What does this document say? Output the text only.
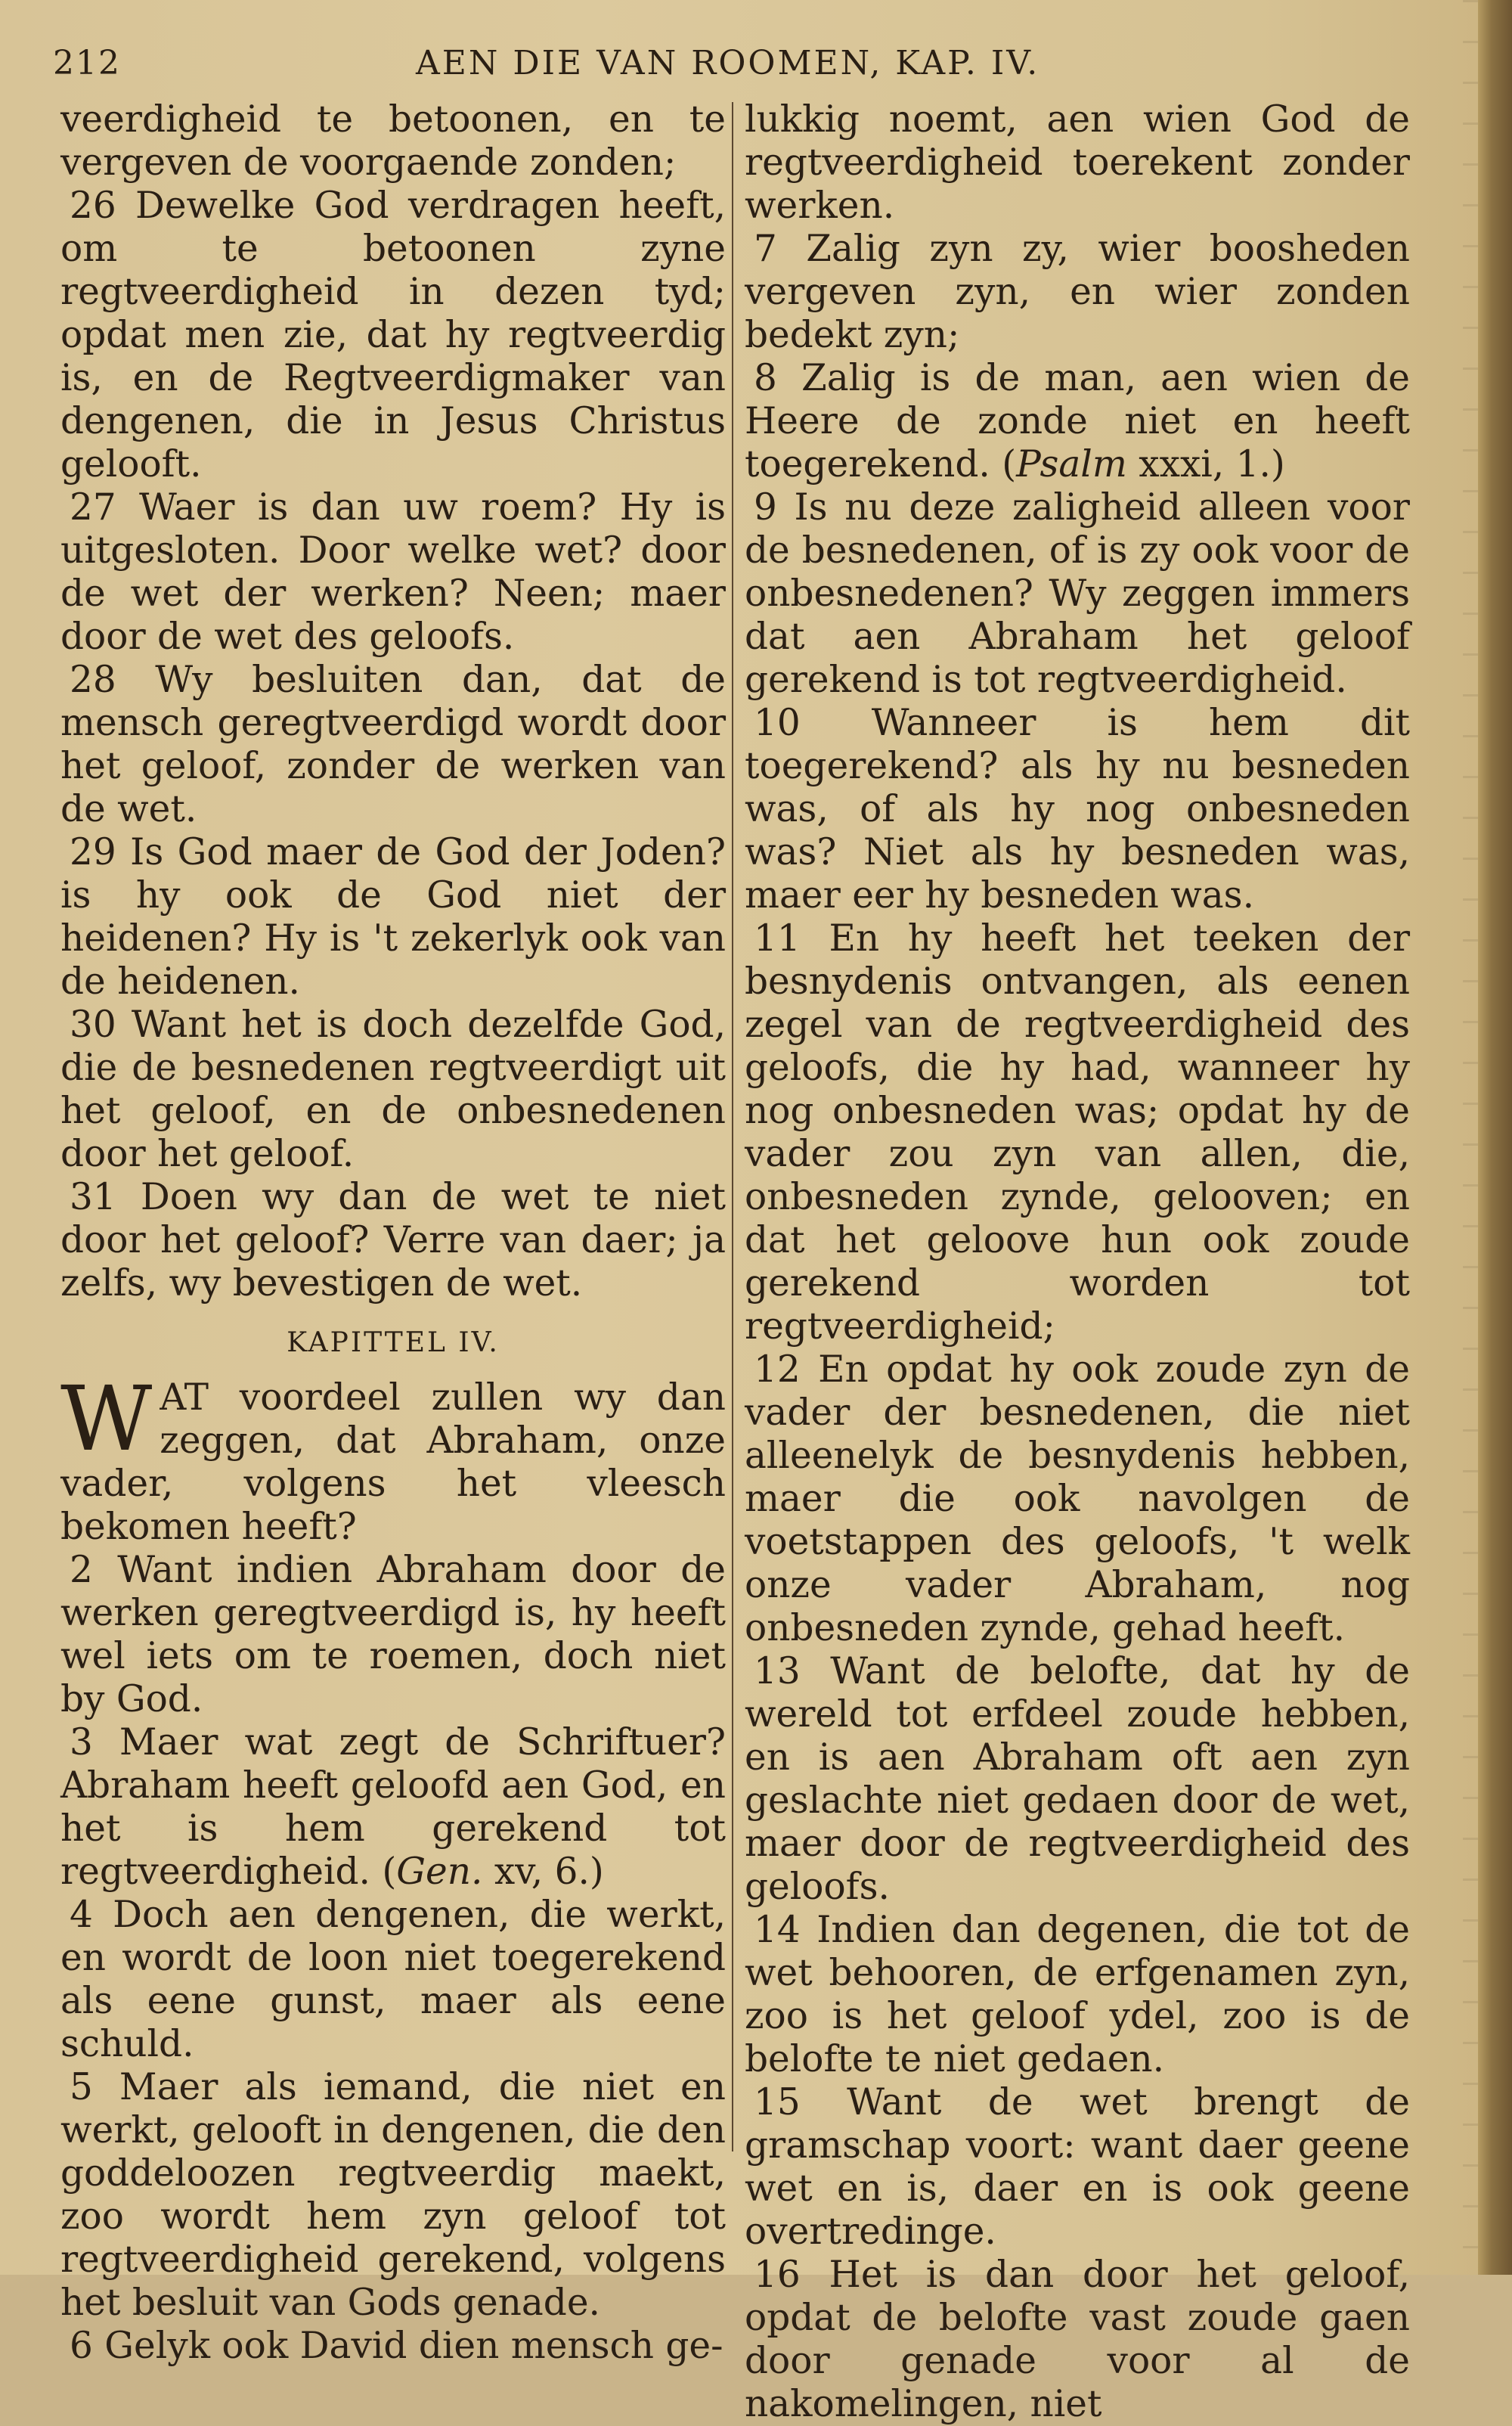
212	AEN DIE VAN ROOMEN, KAP. IV.

veerdigheid te betoonen, en te vergeven de voorgaende zonden;

26 Dewelke God verdragen heeft, om te betoonen zyne regtveerdigheid in dezen tyd; opdat men zie, dat hy regtveerdig is, en de Regtveerdigmaker van dengenen, die in Jesus Christus gelooft.

27 Waer is dan uw roem? Hy is uitgesloten. Door welke wet? door de wet der werken? Neen; maer door de wet des geloofs.

28 Wy besluiten dan, dat de mensch geregtveerdigd wordt door het geloof, zonder de werken van de wet.

29 Is God maer de God der Joden? is hy ook de God niet der heidenen? Hy is 't zekerlyk ook van de heidenen.

30 Want het is doch dezelfde God, die de besnedenen regtveerdigt uit het geloof, en de onbesnedenen door het geloof.

31 Doen wy dan de wet te niet door het geloof? Verre van daer; ja zelfs, wy bevestigen de wet.

KAPITTEL IV.
W AT voordeel zullen wy dan zeggen, dat Abraham, onze vader, volgens het vleesch bekomen heeft?

2 Want indien Abraham door de werken geregtveerdigd is, hy heeft wel iets om te roemen, doch niet by God.

3 Maer wat zegt de Schriftuer? Abraham heeft geloofd aen God, en het is hem gerekend tot regtveerdigheid. (Gen. xv, 6.)

4 Doch aen dengenen, die werkt, en wordt de loon niet toegerekend als eene gunst, maer als eene schuld.

5 Maer als iemand, die niet en werkt, gelooft in dengenen, die den goddeloozen regtveerdig maekt, zoo wordt hem zyn geloof tot regtveerdigheid gerekend, volgens het besluit van Gods genade.

6 Gelyk ook David dien mensch ge-

lukkig noemt, aen wien God de regtveerdigheid toerekent zonder werken.

7 Zalig zyn zy, wier boosheden vergeven zyn, en wier zonden bedekt zyn;

8 Zalig is de man, aen wien de Heere de zonde niet en heeft toegerekend. (Psalm xxxi, 1.)

9 Is nu deze zaligheid alleen voor de besnedenen, of is zy ook voor de onbesnedenen? Wy zeggen immers dat aen Abraham het geloof gerekend is tot regtveerdigheid.

10 Wanneer is hem dit toegerekend? als hy nu besneden was, of als hy nog onbesneden was? Niet als hy besneden was, maer eer hy besneden was.

11 En hy heeft het teeken der besnydenis ontvangen, als eenen zegel van de regtveerdigheid des geloofs, die hy had, wanneer hy nog onbesneden was; opdat hy de vader zou zyn van allen, die, onbesneden zynde, gelooven; en dat het geloove hun ook zoude gerekend worden tot regtveerdigheid;

12 En opdat hy ook zoude zyn de vader der besnedenen, die niet alleenelyk de besnydenis hebben, maer die ook navolgen de voetstappen des geloofs, 't welk onze vader Abraham, nog onbesneden zynde, gehad heeft.

13 Want de belofte, dat hy de wereld tot erfdeel zoude hebben, en is aen Abraham oft aen zyn geslachte niet gedaen door de wet, maer door de regtveerdigheid des geloofs.

14 Indien dan degenen, die tot de wet behooren, de erfgenamen zyn, zoo is het geloof ydel, zoo is de belofte te niet gedaen.

15 Want de wet brengt de gramschap voort: want daer geene wet en is, daer en is ook geene overtredinge.

16 Het is dan door het geloof, opdat de belofte vast zoude gaen door genade voor al de nakomelingen, niet
